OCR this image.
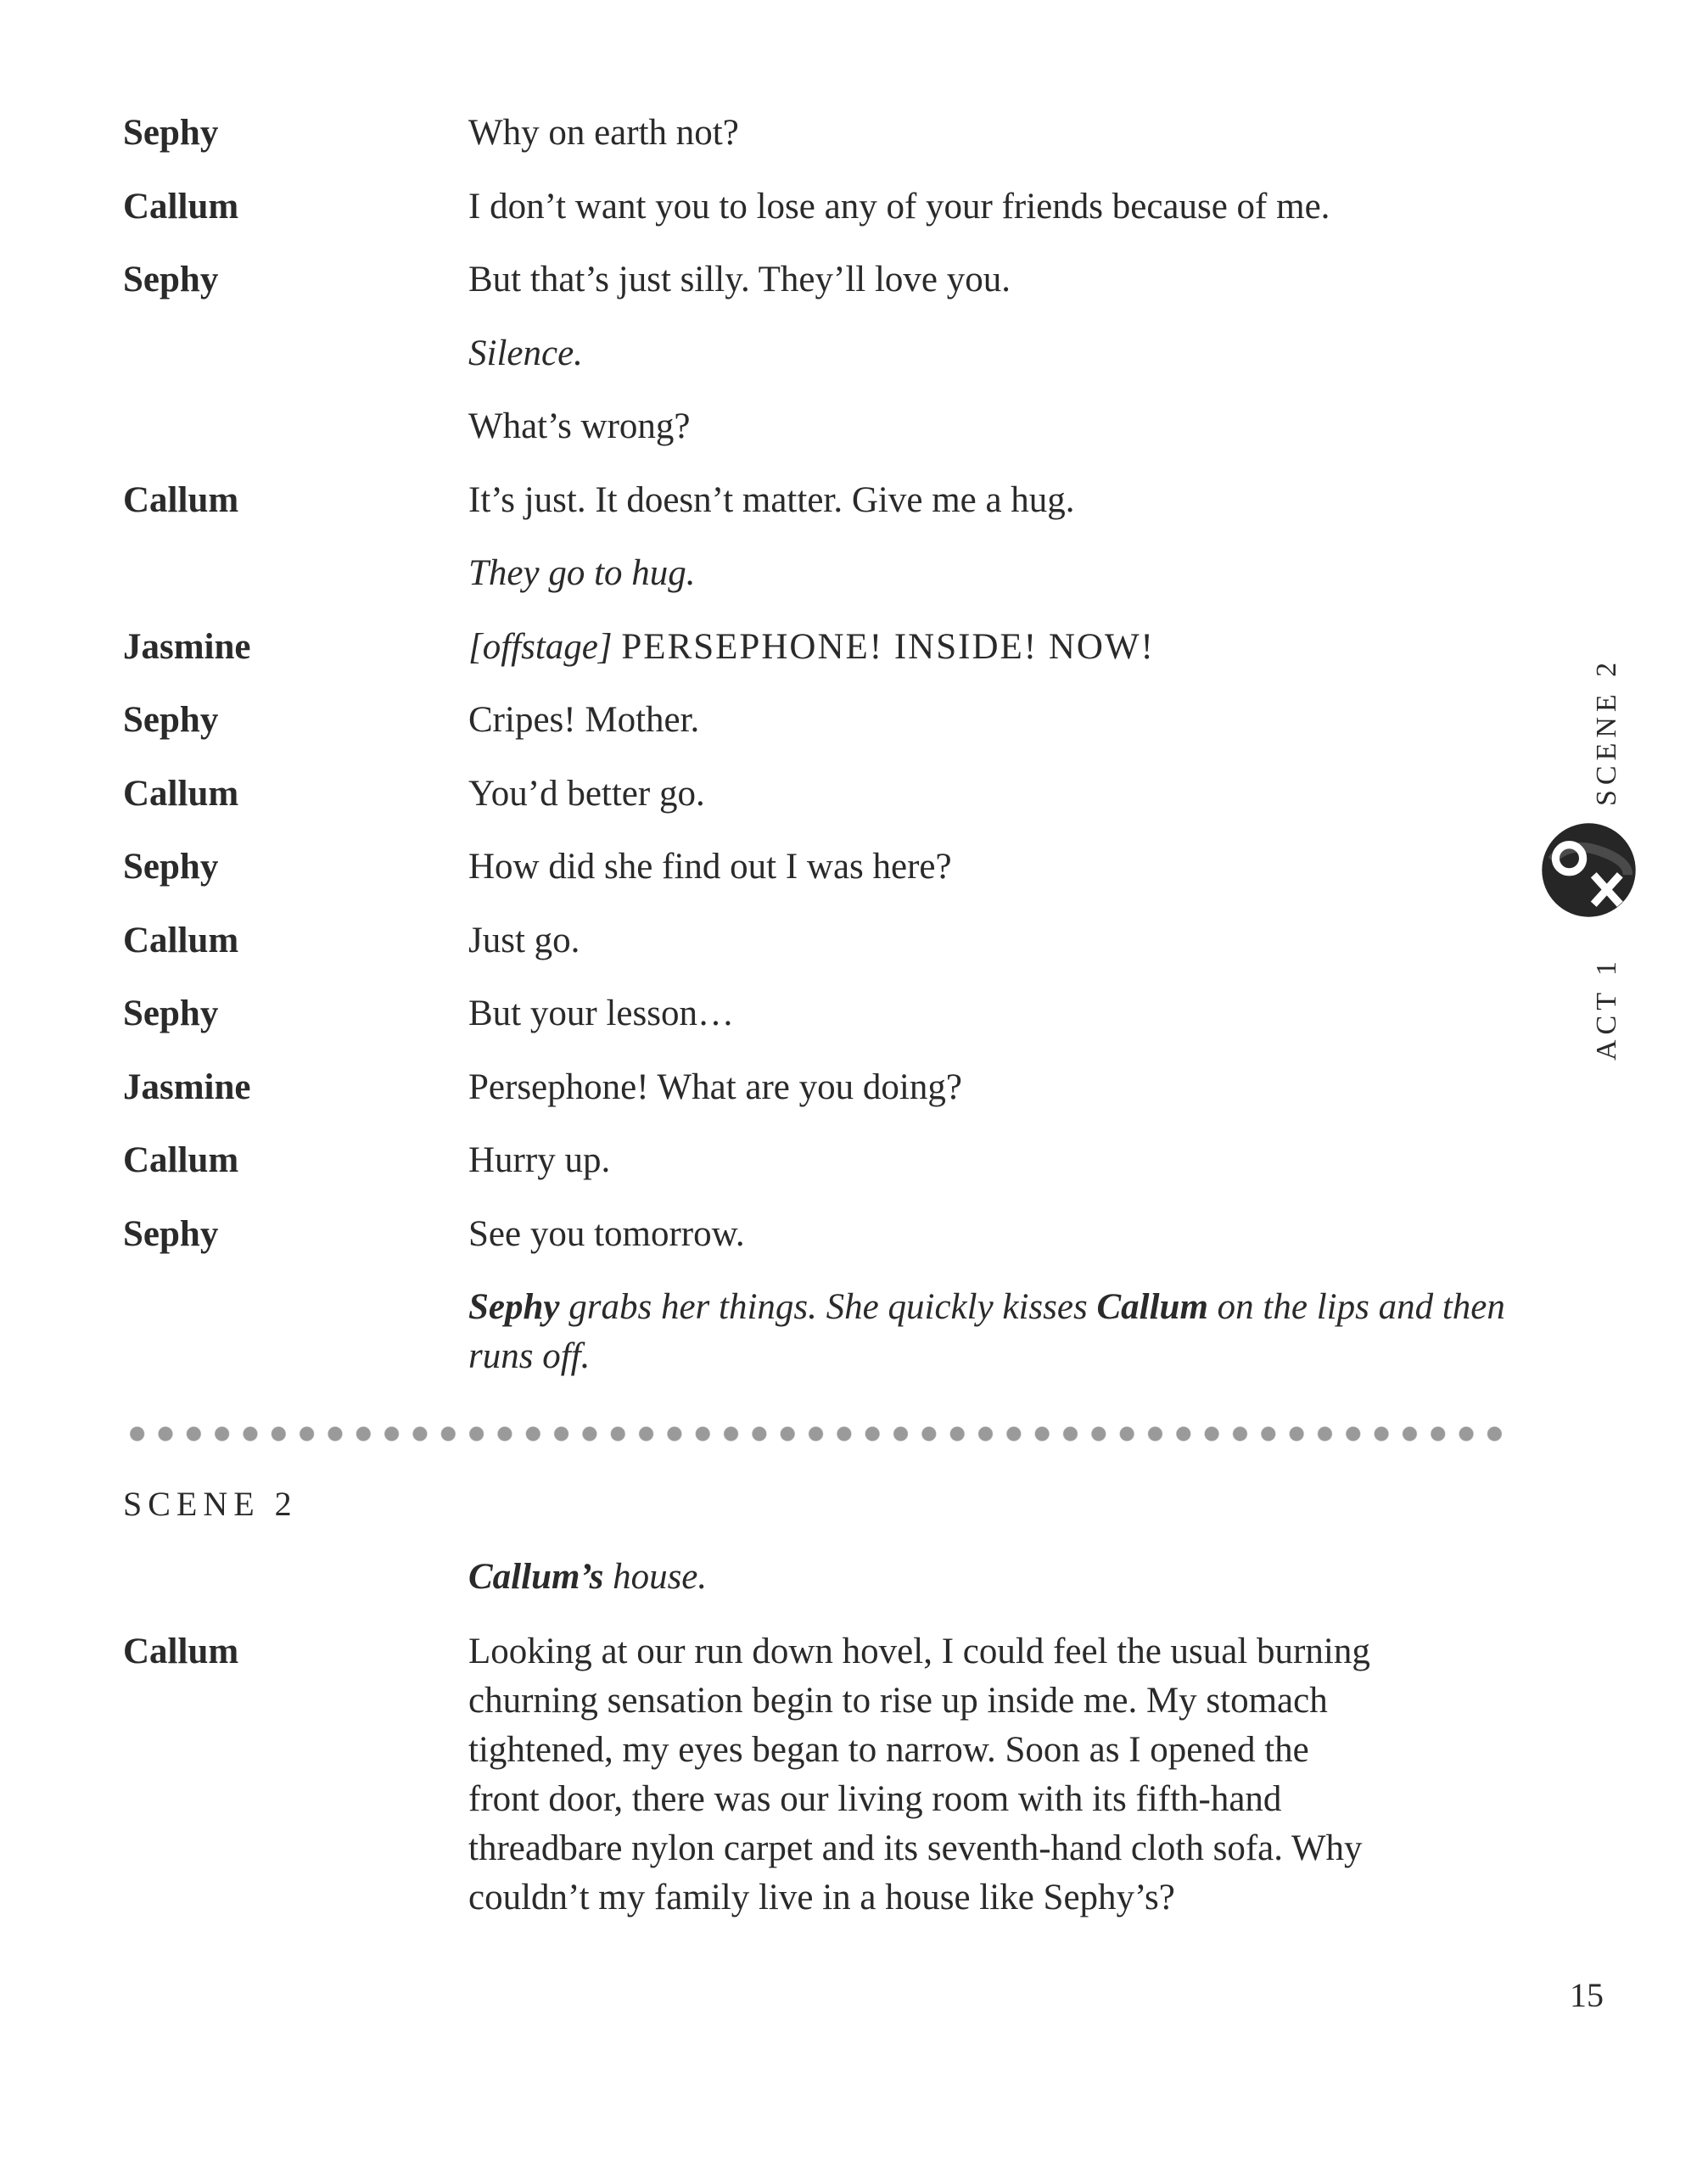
Sephy	Why on earth not?
Callum	I don’t want you to lose any of your friends because of me.
Sephy	But that’s just silly. They’ll love you.
Silence.
What’s wrong?
Callum	It’s just. It doesn’t matter. Give me a hug.
They go to hug.
Jasmine	[offstage] PERSEPHONE! INSIDE! NOW!
Sephy	Cripes! Mother.
Callum	You’d better go.
Sephy	How did she find out I was here?
Callum	Just go.
Sephy	But your lesson…
Jasmine	Persephone! What are you doing?
Callum	Hurry up.
Sephy	See you tomorrow.
Sephy grabs her things. She quickly kisses Callum on the lips and then runs off.
SCENE 2
Callum’s house.
Callum	Looking at our run down hovel, I could feel the usual burning
churning sensation begin to rise up inside me. My stomach
tightened, my eyes began to narrow. Soon as I opened the
front door, there was our living room with its fifth-hand
threadbare nylon carpet and its seventh-hand cloth sofa. Why
couldn’t my family live in a house like Sephy’s?
SCENE 2
ACT 1
15
